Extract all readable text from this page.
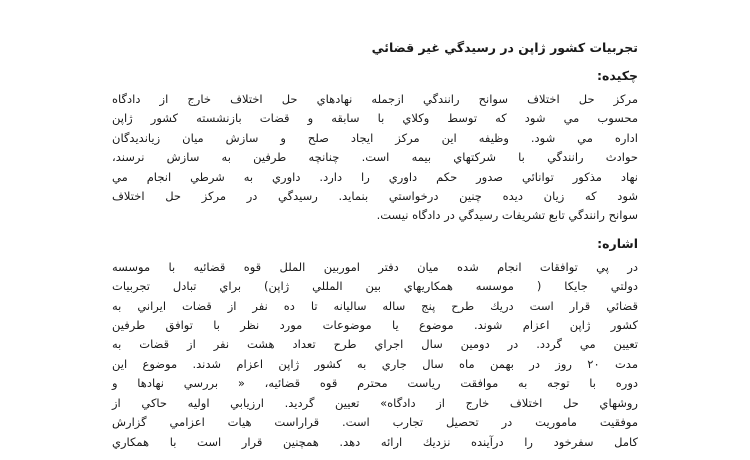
تجربيات كشور ژاپن در رسيدگي غير قضائي
چكيده:
مركز حل اختلاف سوانح رانندگي ازجمله نهادهاي حل اختلاف خارج از دادگاه
محسوب مي شود كه توسط وكلاي با سابقه و قضات بازنشسته كشور ژاپن
اداره مي شود. وظيفه اين مركز ايجاد صلح و سازش ميان زيانديدگان
حوادث رانندگي با شركتهاي بيمه است. چنانچه طرفين به سازش نرسند،
نهاد مذكور توانائي صدور حكم داوري را دارد. داوري به شرطي انجام مي
شود كه زيان ديده چنين درخواستي بنمايد. رسيدگي در مركز حل اختلاف
سوانح رانندگي تابع تشريفات رسيدگي در دادگاه نيست.
اشاره:
در پي توافقات انجام شده ميان دفتر اموربين الملل قوه قضائيه با موسسه
دولتي جايكا ( موسسه همكاريهاي بين المللي ژاپن) براي تبادل تجربيات
قضائي قرار است دريك طرح پنج ساله ساليانه تا ده نفر از قضات ايراني به
كشور ژاپن اعزام شوند. موضوع يا موضوعات مورد نظر با توافق طرفين
تعيين مي گردد. در دومين سال اجراي طرح تعداد هشت نفر از قضات به
مدت ٢٠ روز در بهمن ماه سال جاري به كشور ژاپن اعزام شدند. موضوع اين
دوره با توجه به موافقت رياست محترم قوه قضائيه، « بررسي نهادها و
روشهاي حل اختلاف خارج از دادگاه» تعيين گرديد. ارزيابي اوليه حاكي از
موفقيت ماموريت در تحصيل تجارب است. قراراست هيات اعزامي گزارش
كامل سفرخود را درآينده نزديك ارائه دهد. همچنين قرار است با همكاري
